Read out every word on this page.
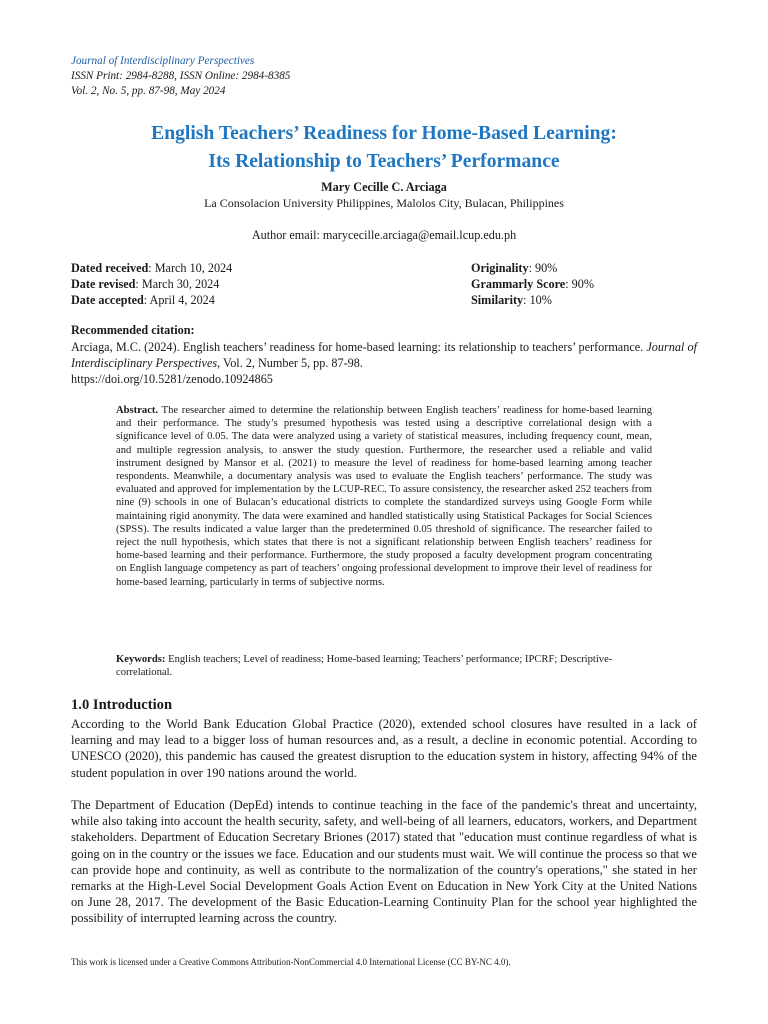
Journal of Interdisciplinary Perspectives
ISSN Print: 2984-8288, ISSN Online: 2984-8385
Vol. 2, No. 5, pp. 87-98, May 2024
English Teachers’ Readiness for Home-Based Learning:
Its Relationship to Teachers’ Performance
Mary Cecille C. Arciaga
La Consolacion University Philippines, Malolos City, Bulacan, Philippines
Author email: marycecille.arciaga@email.lcup.edu.ph
Dated received: March 10, 2024
Date revised: March 30, 2024
Date accepted: April 4, 2024
Originality: 90%
Grammarly Score: 90%
Similarity: 10%
Recommended citation:
Arciaga, M.C. (2024). English teachers’ readiness for home-based learning: its relationship to teachers’ performance. Journal of Interdisciplinary Perspectives, Vol. 2, Number 5, pp. 87-98.
https://doi.org/10.5281/zenodo.10924865
Abstract. The researcher aimed to determine the relationship between English teachers’ readiness for home-based learning and their performance. The study’s presumed hypothesis was tested using a descriptive correlational design with a significance level of 0.05. The data were analyzed using a variety of statistical measures, including frequency count, mean, and multiple regression analysis, to answer the study question. Furthermore, the researcher used a reliable and valid instrument designed by Mansor et al. (2021) to measure the level of readiness for home-based learning among teacher respondents. Meanwhile, a documentary analysis was used to evaluate the English teachers’ performance. The study was evaluated and approved for implementation by the LCUP-REC. To assure consistency, the researcher asked 252 teachers from nine (9) schools in one of Bulacan’s educational districts to complete the standardized surveys using Google Form while maintaining rigid anonymity. The data were examined and handled statistically using Statistical Packages for Social Sciences (SPSS). The results indicated a value larger than the predetermined 0.05 threshold of significance. The researcher failed to reject the null hypothesis, which states that there is not a significant relationship between English teachers’ readiness for home-based learning and their performance. Furthermore, the study proposed a faculty development program concentrating on English language competency as part of teachers’ ongoing professional development to improve their level of readiness for home-based learning, particularly in terms of subjective norms.
Keywords: English teachers; Level of readiness; Home-based learning; Teachers’ performance; IPCRF; Descriptive-correlational.
1.0 Introduction
According to the World Bank Education Global Practice (2020), extended school closures have resulted in a lack of learning and may lead to a bigger loss of human resources and, as a result, a decline in economic potential. According to UNESCO (2020), this pandemic has caused the greatest disruption to the education system in history, affecting 94% of the student population in over 190 nations around the world.
The Department of Education (DepEd) intends to continue teaching in the face of the pandemic's threat and uncertainty, while also taking into account the health security, safety, and well-being of all learners, educators, workers, and Department stakeholders. Department of Education Secretary Briones (2017) stated that "education must continue regardless of what is going on in the country or the issues we face. Education and our students must wait. We will continue the process so that we can provide hope and continuity, as well as contribute to the normalization of the country's operations," she stated in her remarks at the High-Level Social Development Goals Action Event on Education in New York City at the United Nations on June 28, 2017. The development of the Basic Education-Learning Continuity Plan for the school year highlighted the possibility of interrupted learning across the country.
This work is licensed under a Creative Commons Attribution-NonCommercial 4.0 International License (CC BY-NC 4.0).
